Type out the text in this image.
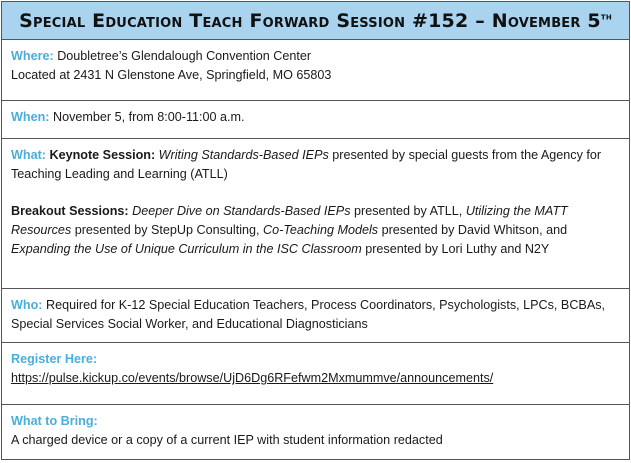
Special Education Teach Forward Session #152 – November 5th
Where: Doubletree’s Glendalough Convention Center
Located at 2431 N Glenstone Ave, Springfield, MO 65803
When: November 5, from 8:00-11:00 a.m.
What: Keynote Session: Writing Standards-Based IEPs presented by special guests from the Agency for Teaching Leading and Learning (ATLL)
Breakout Sessions: Deeper Dive on Standards-Based IEPs presented by ATLL, Utilizing the MATT Resources presented by StepUp Consulting, Co-Teaching Models presented by David Whitson, and Expanding the Use of Unique Curriculum in the ISC Classroom presented by Lori Luthy and N2Y
Who: Required for K-12 Special Education Teachers, Process Coordinators, Psychologists, LPCs, BCBAs, Special Services Social Worker, and Educational Diagnosticians
Register Here:
https://pulse.kickup.co/events/browse/UjD6Dg6RFefwm2Mxmummve/announcements/
What to Bring:
A charged device or a copy of a current IEP with student information redacted
